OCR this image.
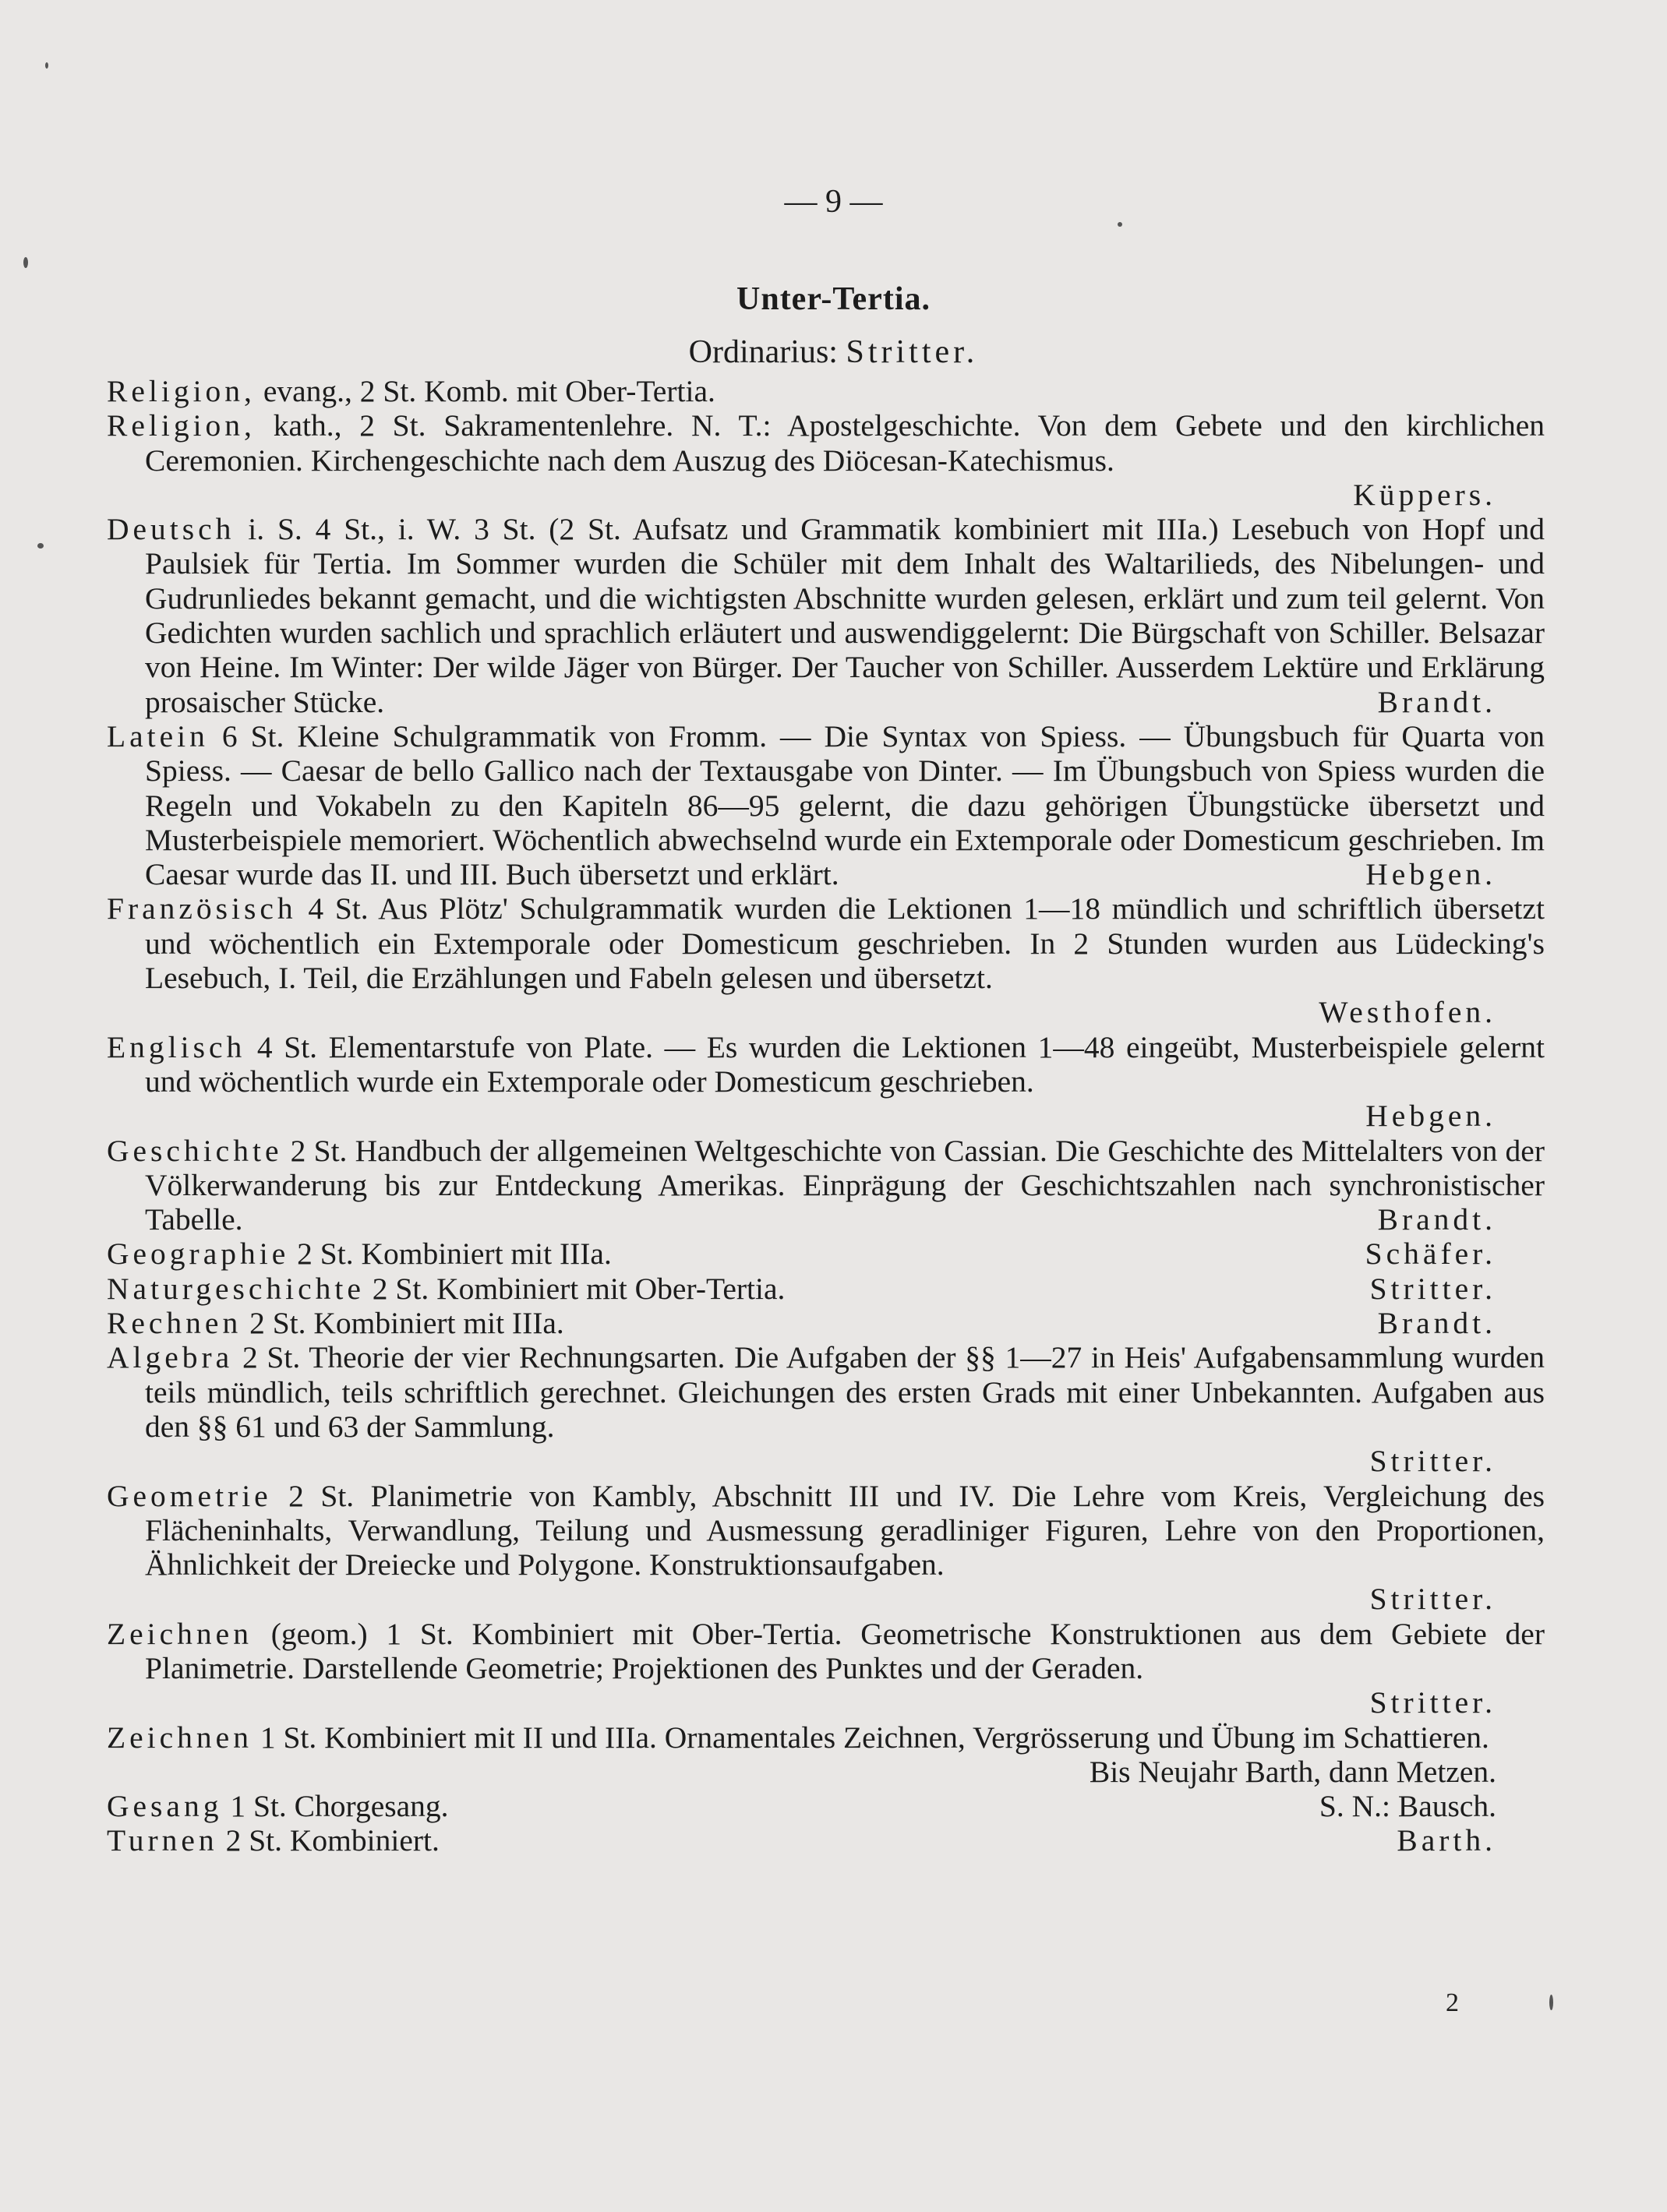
— 9 —
Unter-Tertia.
Ordinarius: Stritter.
Religion, evang., 2 St. Komb. mit Ober-Tertia.
Religion, kath., 2 St. Sakramentenlehre. N. T.: Apostelgeschichte. Von dem Gebete und den kirchlichen Ceremonien. Kirchengeschichte nach dem Auszug des Diöcesan-Katechismus.
Küppers.
Deutsch i. S. 4 St., i. W. 3 St. (2 St. Aufsatz und Grammatik kombiniert mit IIIa.) Lesebuch von Hopf und Paulsiek für Tertia. Im Sommer wurden die Schüler mit dem Inhalt des Waltarilieds, des Nibelungen- und Gudrunliedes bekannt gemacht, und die wichtigsten Abschnitte wurden gelesen, erklärt und zum teil gelernt. Von Gedichten wurden sachlich und sprachlich erläutert und auswendiggelernt: Die Bürgschaft von Schiller. Belsazar von Heine. Im Winter: Der wilde Jäger von Bürger. Der Taucher von Schiller. Ausserdem Lektüre und Erklärung prosaischer Stücke.	Brandt.
Latein 6 St. Kleine Schulgrammatik von Fromm. — Die Syntax von Spiess. — Übungsbuch für Quarta von Spiess. — Caesar de bello Gallico nach der Textausgabe von Dinter. — Im Übungsbuch von Spiess wurden die Regeln und Vokabeln zu den Kapiteln 86—95 gelernt, die dazu gehörigen Übungstücke übersetzt und Musterbeispiele memoriert. Wöchentlich abwechselnd wurde ein Extemporale oder Domesticum geschrieben. Im Caesar wurde das II. und III. Buch übersetzt und erklärt.	Hebgen.
Französisch 4 St. Aus Plötz' Schulgrammatik wurden die Lektionen 1—18 mündlich und schriftlich übersetzt und wöchentlich ein Extemporale oder Domesticum geschrieben. In 2 Stunden wurden aus Lüdecking's Lesebuch, I. Teil, die Erzählungen und Fabeln gelesen und übersetzt.
Westhofen.
Englisch 4 St. Elementarstufe von Plate. — Es wurden die Lektionen 1—48 eingeübt, Musterbeispiele gelernt und wöchentlich wurde ein Extemporale oder Domesticum geschrieben.
Hebgen.
Geschichte 2 St. Handbuch der allgemeinen Weltgeschichte von Cassian. Die Geschichte des Mittelalters von der Völkerwanderung bis zur Entdeckung Amerikas. Einprägung der Geschichtszahlen nach synchronistischer Tabelle.	Brandt.
Geographie 2 St. Kombiniert mit IIIa.	Schäfer.
Naturgeschichte 2 St. Kombiniert mit Ober-Tertia.	Stritter.
Rechnen 2 St. Kombiniert mit IIIa.	Brandt.
Algebra 2 St. Theorie der vier Rechnungsarten. Die Aufgaben der §§ 1—27 in Heis' Aufgabensammlung wurden teils mündlich, teils schriftlich gerechnet. Gleichungen des ersten Grads mit einer Unbekannten. Aufgaben aus den §§ 61 und 63 der Sammlung.
Stritter.
Geometrie 2 St. Planimetrie von Kambly, Abschnitt III und IV. Die Lehre vom Kreis, Vergleichung des Flächeninhalts, Verwandlung, Teilung und Ausmessung geradliniger Figuren, Lehre von den Proportionen, Ähnlichkeit der Dreiecke und Polygone. Konstruktionsaufgaben.
Stritter.
Zeichnen (geom.) 1 St. Kombiniert mit Ober-Tertia. Geometrische Konstruktionen aus dem Gebiete der Planimetrie. Darstellende Geometrie; Projektionen des Punktes und der Geraden.
Stritter.
Zeichnen 1 St. Kombiniert mit II und IIIa. Ornamentales Zeichnen, Vergrösserung und Übung im Schattieren.
Bis Neujahr Barth, dann Metzen.
Gesang 1 St. Chorgesang.	S. N.: Bausch.
Turnen 2 St. Kombiniert.	Barth.
2
